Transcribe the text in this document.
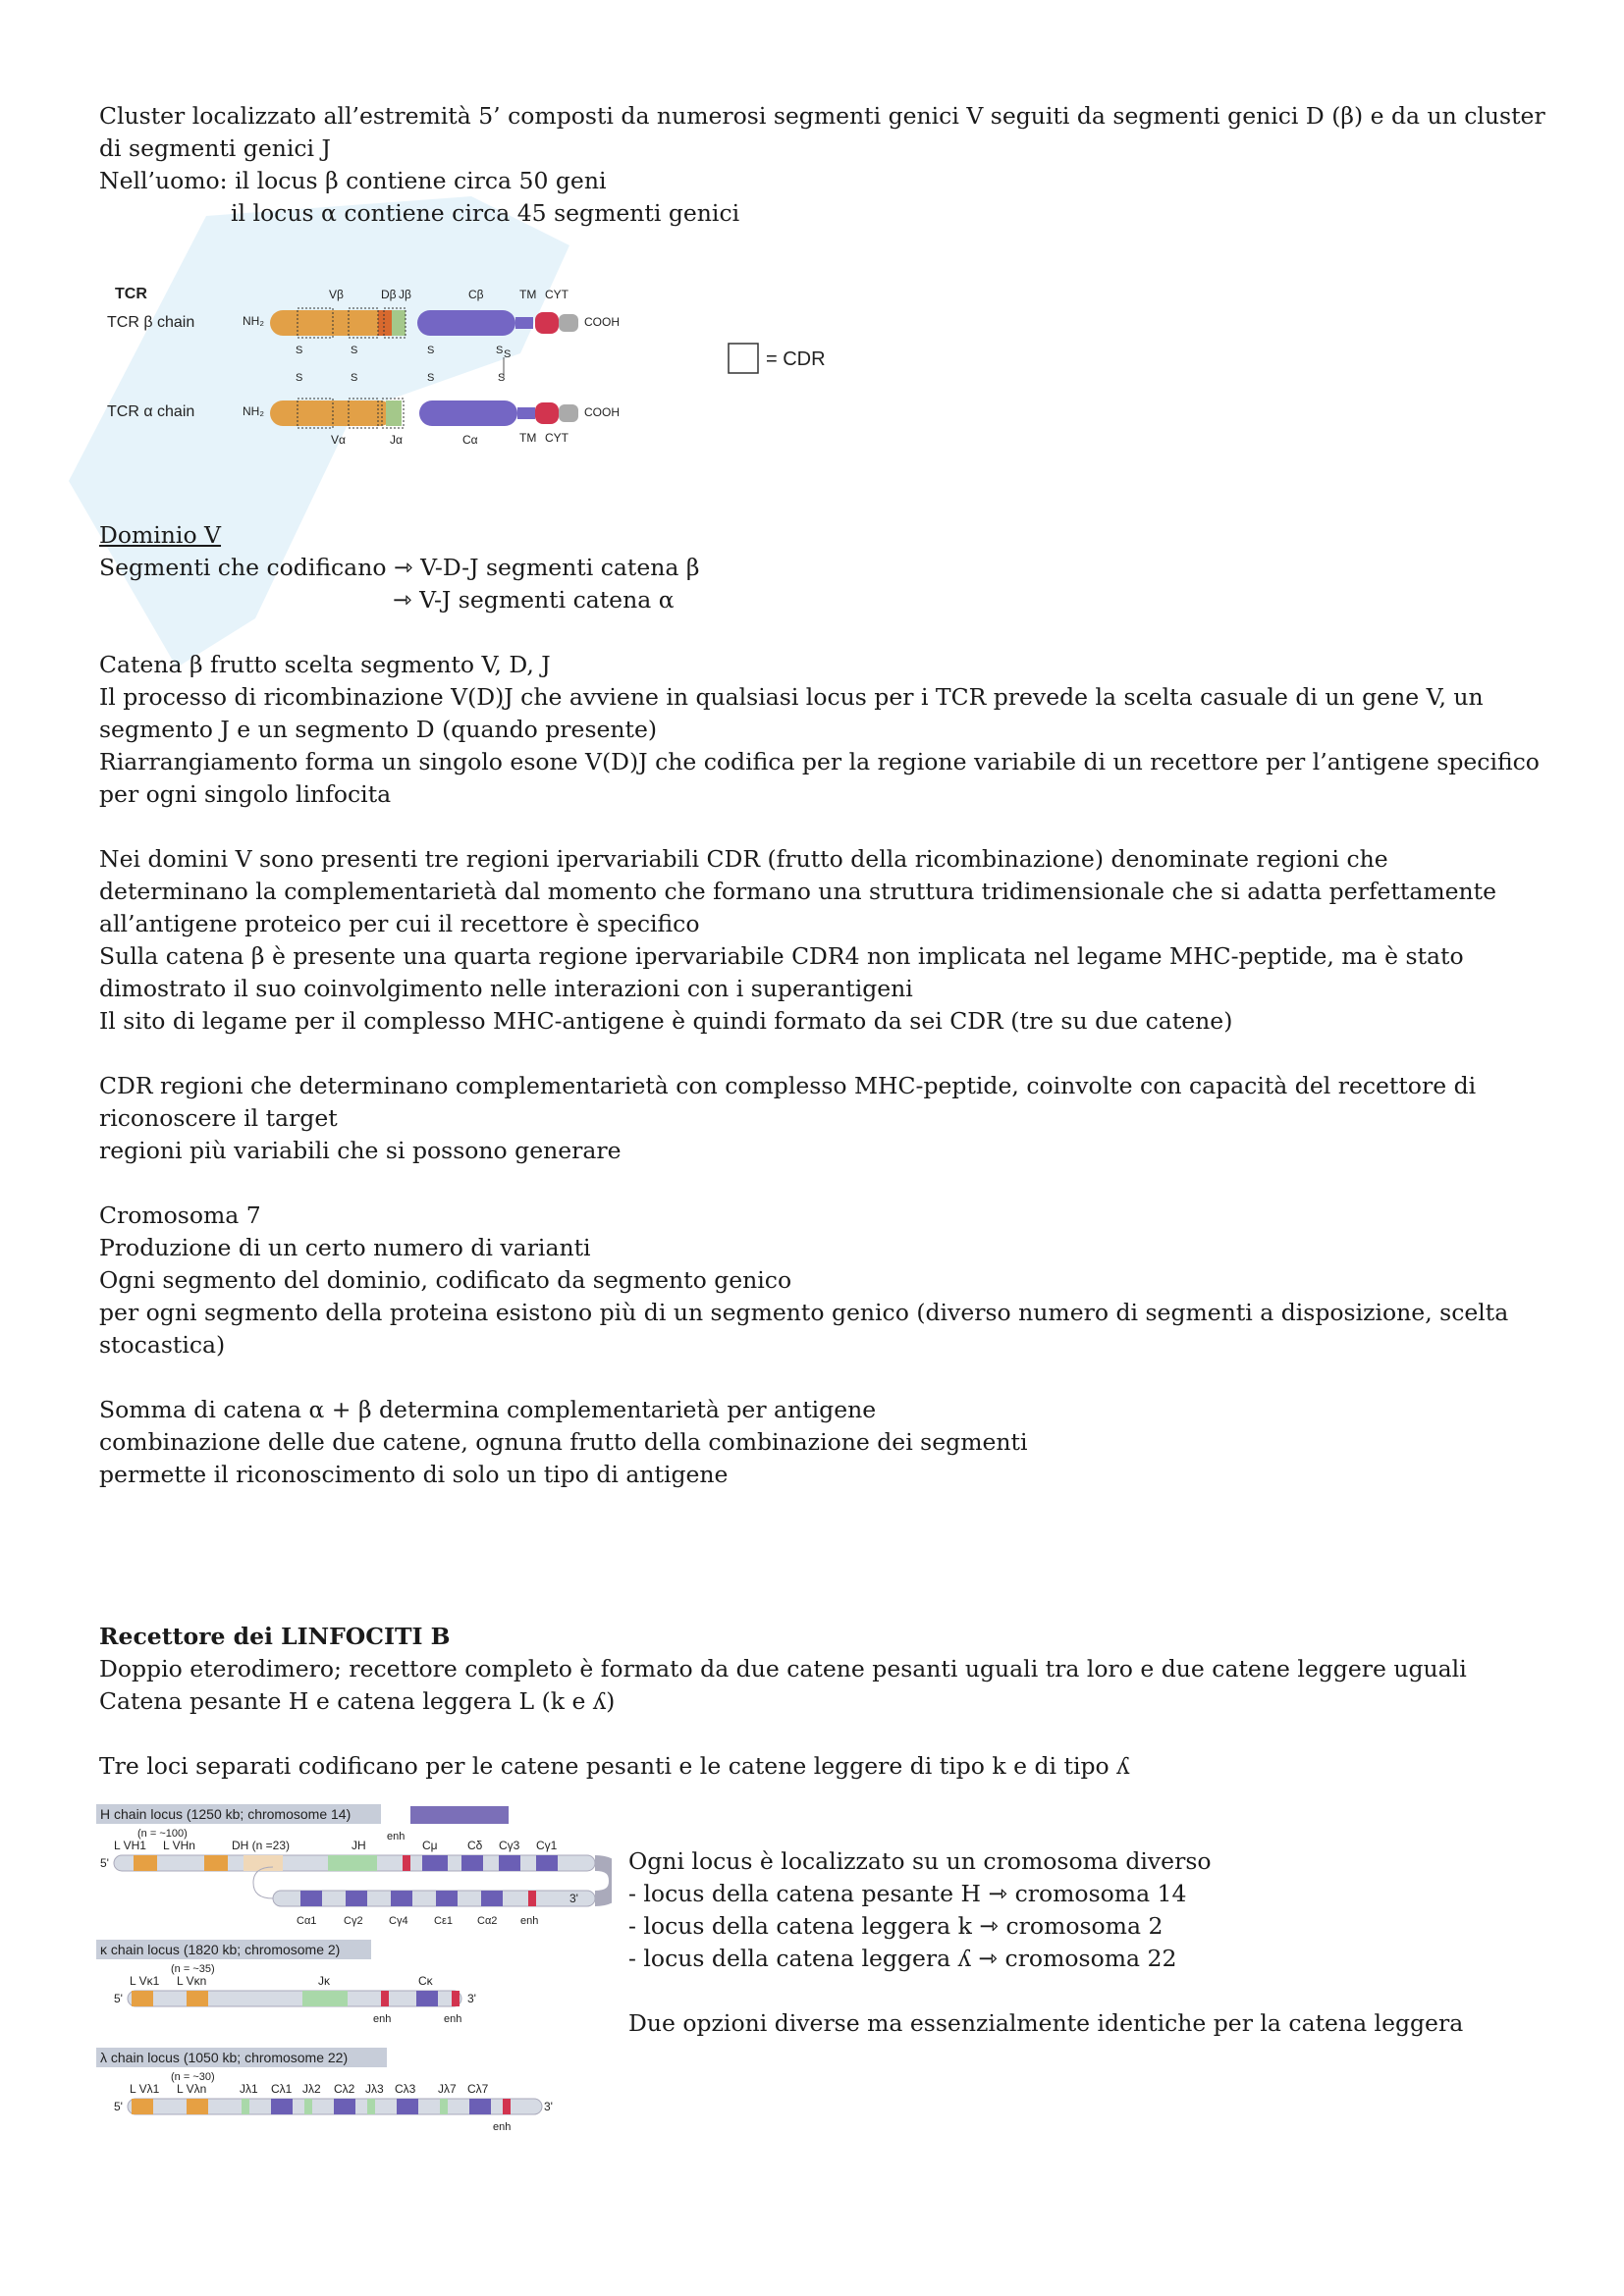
Cluster localizzato all’estremità 5’ composti da numerosi segmenti genici V seguiti da segmenti genici D (β) e da un cluster
di segmenti genici J
Nell’uomo: il locus β contiene circa 50 geni
il locus α contiene circa 45 segmenti genici
TCR
TCR β chain
TCR α chain
NH₂	COOH
Vβ	Dβ Jβ	Cβ	TM CYT
S	S	S	S S
S	S	S	S
NH₂	COOH
Vα	Jα	Cα	TM CYT
= CDR
Dominio V
Segmenti che codificano ⇾ V-D-J segmenti catena β
⇾ V-J segmenti catena α
Catena β frutto scelta segmento V, D, J
Il processo di ricombinazione V(D)J che avviene in qualsiasi locus per i TCR prevede la scelta casuale di un gene V, un
segmento J e un segmento D (quando presente)
Riarrangiamento forma un singolo esone V(D)J che codifica per la regione variabile di un recettore per l’antigene specifico
per ogni singolo linfocita
Nei domini V sono presenti tre regioni ipervariabili CDR (frutto della ricombinazione) denominate regioni che
determinano la complementarietà dal momento che formano una struttura tridimensionale che si adatta perfettamente
all’antigene proteico per cui il recettore è specifico
Sulla catena β è presente una quarta regione ipervariabile CDR4 non implicata nel legame MHC-peptide, ma è stato
dimostrato il suo coinvolgimento nelle interazioni con i superantigeni
Il sito di legame per il complesso MHC-antigene è quindi formato da sei CDR (tre su due catene)
CDR regioni che determinano complementarietà con complesso MHC-peptide, coinvolte con capacità del recettore di
riconoscere il target
regioni più variabili che si possono generare
Cromosoma 7
Produzione di un certo numero di varianti
Ogni segmento del dominio, codificato da segmento genico
per ogni segmento della proteina esistono più di un segmento genico (diverso numero di segmenti a disposizione, scelta
stocastica)
Somma di catena α + β determina complementarietà per antigene
combinazione delle due catene, ognuna frutto della combinazione dei segmenti
permette il riconoscimento di solo un tipo di antigene
Recettore dei LINFOCITI B
Doppio eterodimero; recettore completo è formato da due catene pesanti uguali tra loro e due catene leggere uguali
Catena pesante H e catena leggera L (k e ʎ)
Tre loci separati codificano per le catene pesanti e le catene leggere di tipo k e di tipo ʎ
H chain locus (1250 kb; chromosome 14)
(n = ~100)
L VH1 L VHn	DH (n =23)	JH
enh
Cμ	Cδ Cγ3 Cγ1
5'
3'
Cα1	Cγ2 Cγ4 Cε1 Cα2 enh
κ chain locus (1820 kb; chromosome 2)
(n = ~35)
L Vκ1 L Vκn	Jκ	Cκ
5'	3'
enh	enh
λ chain locus (1050 kb; chromosome 22)
(n = ~30)
L Vλ1 L Vλn	Jλ1 Cλ1 Jλ2 Cλ2 Jλ3 Cλ3 Jλ7 Cλ7
5'	3'
enh
Ogni locus è localizzato su un cromosoma diverso
- locus della catena pesante H ⇾ cromosoma 14
- locus della catena leggera k ⇾ cromosoma 2
- locus della catena leggera ʎ ⇾ cromosoma 22
Due opzioni diverse ma essenzialmente identiche per la catena leggera
